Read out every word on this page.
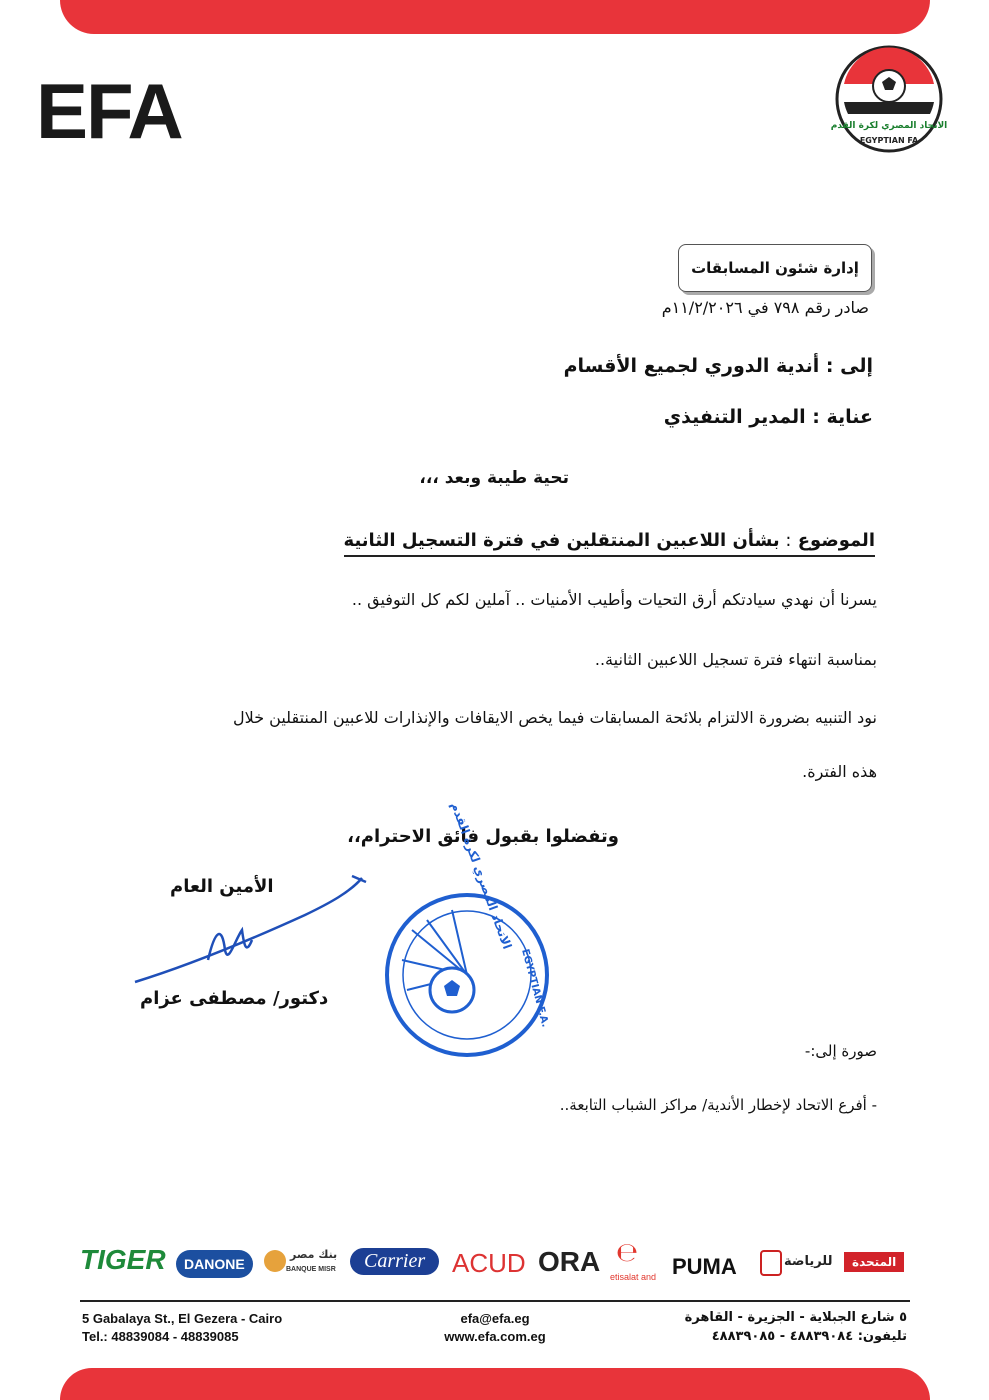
EFA	الاتحاد المصري لكرة القدم
EGYPTIAN FA
إدارة شئون المسابقات
صادر رقم ٧٩٨ في ١١/٢/٢٠٢٦م
إلى : أندية الدوري لجميع الأقسام
عناية : المدير التنفيذي
تحية طيبة وبعد ،،،
الموضوع : بشأن اللاعبين المنتقلين في فترة التسجيل الثانية
يسرنا أن نهدي سيادتكم أرق التحيات وأطيب الأمنيات .. آملين لكم كل التوفيق ..
بمناسبة انتهاء فترة تسجيل اللاعبين الثانية..
نود التنبيه بضرورة الالتزام بلائحة المسابقات فيما يخص الايقافات والإنذارات للاعبين المنتقلين خلال
هذه الفترة.
وتفضلوا بقبول فائق الاحترام،،
الأمين العام
دكتور/ مصطفى عزام
الاتحاد المصري لكرة القدم
EGYPTIAN F.A.
صورة إلى:-
- أفرع الاتحاد لإخطار الأندية/ مراكز الشباب التابعة..
TIGER	DANONE
بنك مصر
BANQUE MISR	Carrier	ACUD ORA ℮
etisalat and PUMA	للرياضة	المتحدة
5 Gabalaya St., El Gezera - Cairo
Tel.: 48839084 - 48839085
efa@efa.eg
www.efa.com.eg
٥ شارع الجبلاية - الجزيرة - القاهرة
تليفون: ٤٨٨٣٩٠٨٤ - ٤٨٨٣٩٠٨٥
